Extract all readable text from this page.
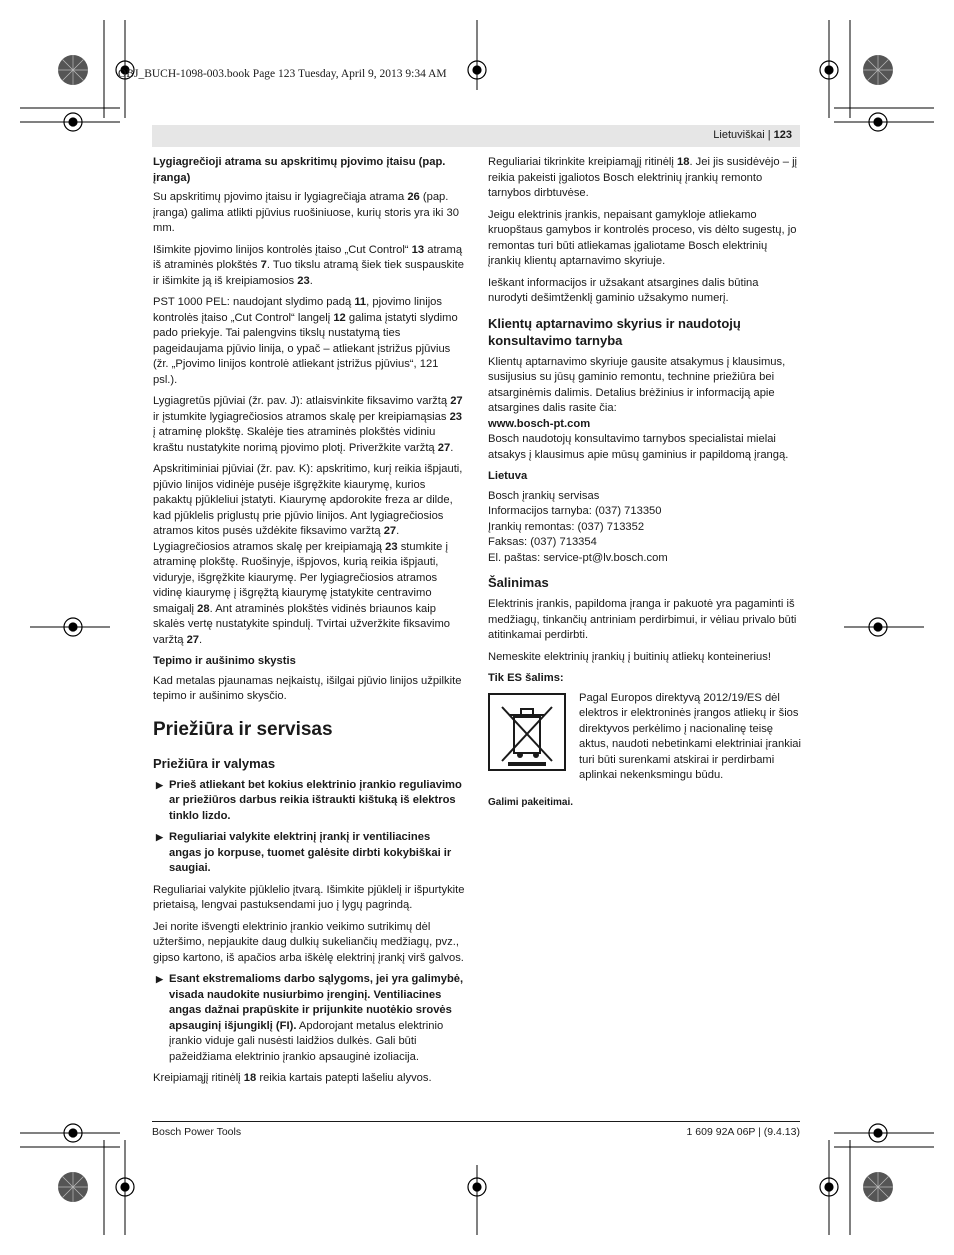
OBJ_BUCH-1098-003.book Page 123 Tuesday, April 9, 2013 9:34 AM
Lietuviškai | 123

Lygiagrečioji atrama su apskritimų pjovimo įtaisu (pap. įranga)

Su apskritimų pjovimo įtaisu ir lygiagrečiąja atrama 26 (pap. įranga) galima atlikti pjūvius ruošiniuose, kurių storis yra iki 30 mm.

Išimkite pjovimo linijos kontrolės įtaiso „Cut Control“ 13 atramą iš atraminės plokštės 7. Tuo tikslu atramą šiek tiek suspauskite ir išimkite ją iš kreipiamosios 23.

PST 1000 PEL: naudojant slydimo padą 11, pjovimo linijos kontrolės įtaiso „Cut Control“ langelį 12 galima įstatyti slydimo pado priekyje. Tai palengvins tikslų nustatymą ties pageidaujama pjūvio linija, o ypač – atliekant įstrižus pjūvius (žr. „Pjovimo linijos kontrolė atliekant įstrižus pjūvius“, 121 psl.).

Lygiagretūs pjūviai (žr. pav. J): atlaisvinkite fiksavimo varžtą 27 ir įstumkite lygiagrečiosios atramos skalę per kreipiamąsias 23 į atraminę plokštę. Skalėje ties atraminės plokštės vidiniu kraštu nustatykite norimą pjovimo plotį. Priveržkite varžtą 27.

Apskritiminiai pjūviai (žr. pav. K): apskritimo, kurį reikia išpjauti, pjūvio linijos vidinėje pusėje išgręžkite kiaurymę, kurios pakaktų pjūkleliui įstatyti. Kiaurymę apdorokite freza ar dilde, kad pjūklelis priglustų prie pjūvio linijos. Ant lygiagrečiosios atramos kitos pusės uždėkite fiksavimo varžtą 27. Lygiagrečiosios atramos skalę per kreipiamąją 23 stumkite į atraminę plokštę. Ruošinyje, išpjovos, kurią reikia išpjauti, viduryje, išgręžkite kiaurymę. Per lygiagrečiosios atramos vidinę kiaurymę į išgręžtą kiaurymę įstatykite centravimo smaigalį 28. Ant atraminės plokštės vidinės briaunos kaip skalės vertę nustatykite spindulį. Tvirtai užveržkite fiksavimo varžtą 27.

Tepimo ir aušinimo skystis

Kad metalas pjaunamas neįkaistų, išilgai pjūvio linijos užpilkite tepimo ir aušinimo skysčio.

Priežiūra ir servisas

Priežiūra ir valymas

▶ Prieš atliekant bet kokius elektrinio įrankio reguliavimo ar priežiūros darbus reikia ištraukti kištuką iš elektros tinklo lizdo.

▶ Reguliariai valykite elektrinį įrankį ir ventiliacines angas jo korpuse, tuomet galėsite dirbti kokybiškai ir saugiai.

Reguliariai valykite pjūklelio įtvarą. Išimkite pjūklelį ir išpurtykite prietaisą, lengvai pastuksendami juo į lygų pagrindą.

Jei norite išvengti elektrinio įrankio veikimo sutrikimų dėl užteršimo, nepjaukite daug dulkių sukeliančių medžiagų, pvz., gipso kartono, iš apačios arba iškėlę elektrinį įrankį virš galvos.

▶ Esant ekstremalioms darbo sąlygoms, jei yra galimybė, visada naudokite nusiurbimo įrenginį. Ventiliacines angas dažnai prapūskite ir prijunkite nuotėkio srovės apsauginį išjungiklį (FI). Apdorojant metalus elektrinio įrankio viduje gali nusėsti laidžios dulkės. Gali būti pažeidžiama elektrinio įrankio apsauginė izoliacija.

Kreipiamąjį ritinėlį 18 reikia kartais patepti lašeliu alyvos.

Reguliariai tikrinkite kreipiamąjį ritinėlį 18. Jei jis susidėvėjo – jį reikia pakeisti įgaliotos Bosch elektrinių įrankių remonto tarnybos dirbtuvėse.

Jeigu elektrinis įrankis, nepaisant gamykloje atliekamo kruopštaus gamybos ir kontrolės proceso, vis dėlto sugestų, jo remontas turi būti atliekamas įgaliotame Bosch elektrinių įrankių klientų aptarnavimo skyriuje.

Ieškant informacijos ir užsakant atsargines dalis būtina nurodyti dešimtženklį gaminio užsakymo numerį.

Klientų aptarnavimo skyrius ir naudotojų konsultavimo tarnyba

Klientų aptarnavimo skyriuje gausite atsakymus į klausimus, susijusius su jūsų gaminio remontu, technine priežiūra bei atsarginėmis dalimis. Detalius brėžinius ir informaciją apie atsargines dalis rasite čia:

www.bosch-pt.com

Bosch naudotojų konsultavimo tarnybos specialistai mielai atsakys į klausimus apie mūsų gaminius ir papildomą įrangą.

Lietuva

Bosch įrankių servisas
Informacijos tarnyba: (037) 713350
Įrankių remontas: (037) 713352
Faksas: (037) 713354
El. paštas: service-pt@lv.bosch.com

Šalinimas

Elektrinis įrankis, papildoma įranga ir pakuotė yra pagaminti iš medžiagų, tinkančių antriniam perdirbimui, ir vėliau privalo būti atitinkamai perdirbti.

Nemeskite elektrinių įrankių į buitinių atliekų konteinerius!

Tik ES šalims:

Pagal Europos direktyvą 2012/19/ES dėl elektros ir elektroninės įrangos atliekų ir šios direktyvos perkėlimo į nacionalinę teisę aktus, naudoti nebetinkami elektriniai įrankiai turi būti surenkami atskirai ir perdirbami aplinkai nekenksmingu būdu.

Galimi pakeitimai.

Bosch Power Tools	1 609 92A 06P | (9.4.13)
